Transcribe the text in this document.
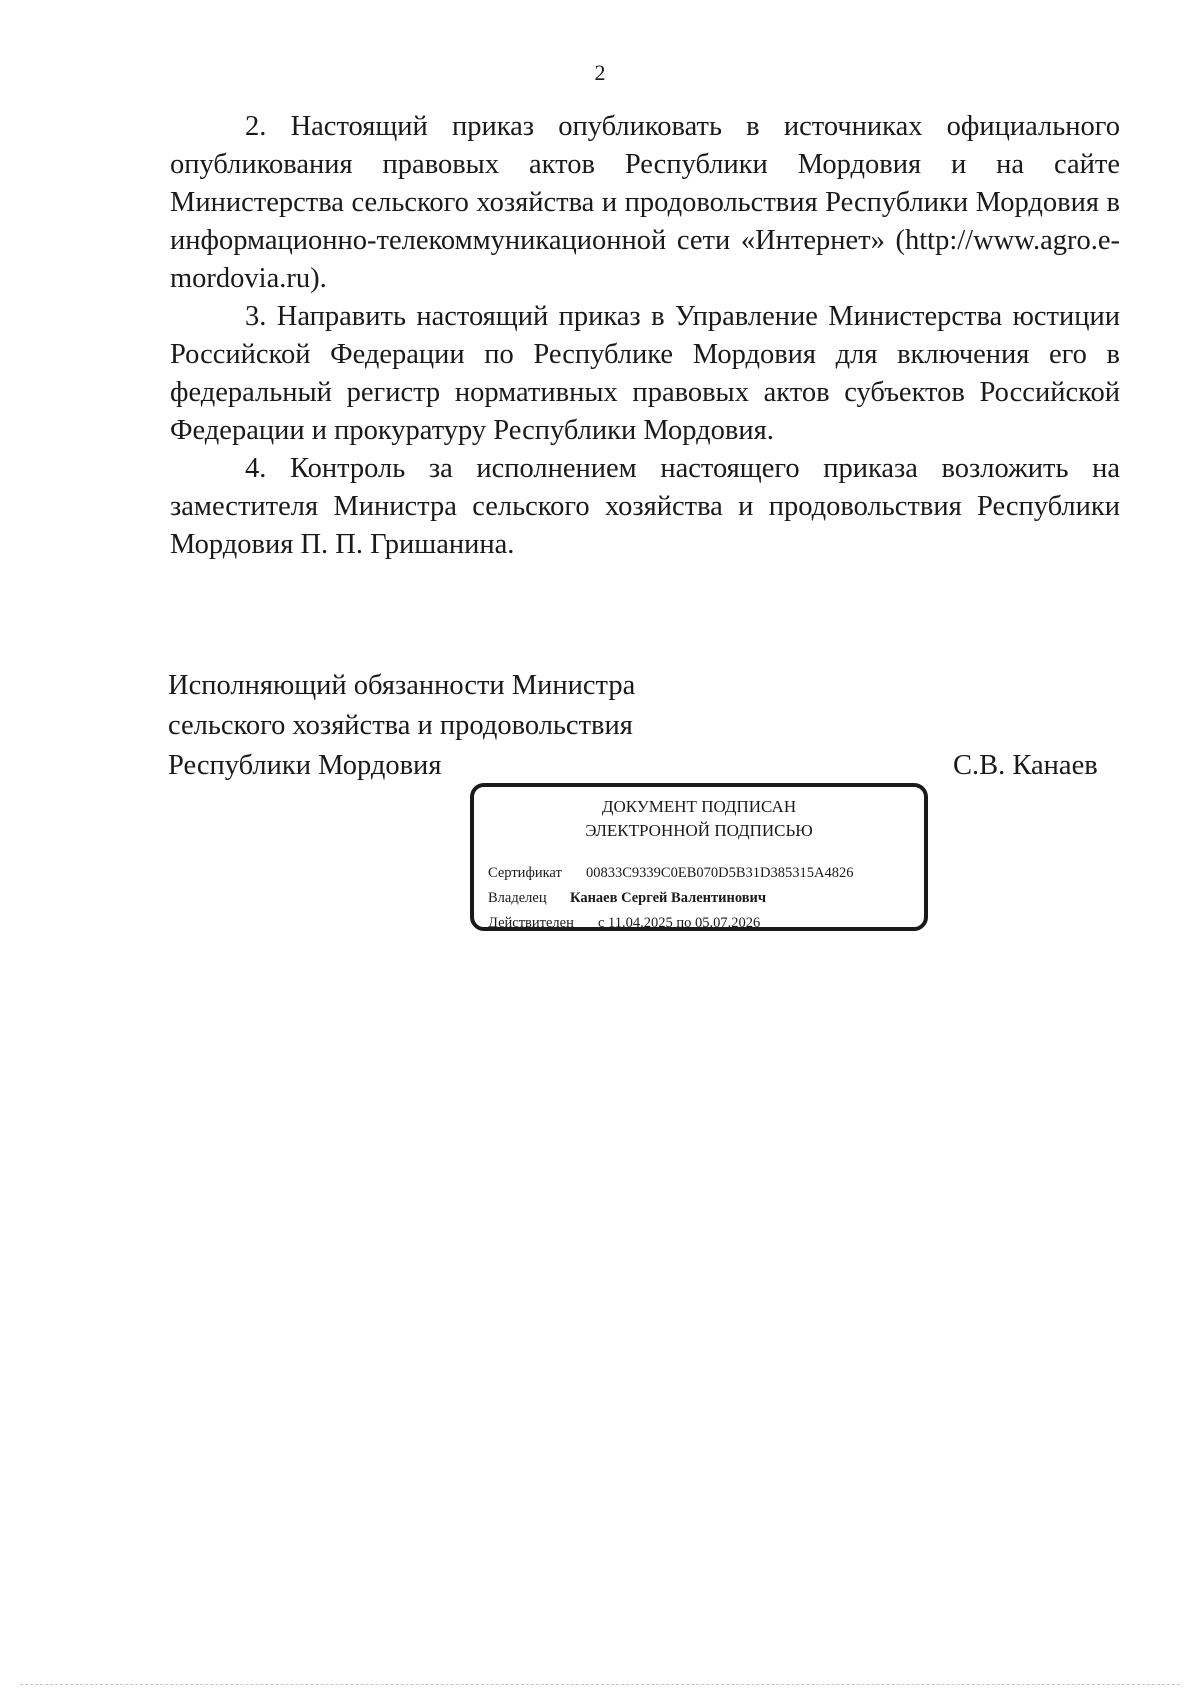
2

2. Настоящий приказ опубликовать в источниках официального опубликования правовых актов Республики Мордовия и на сайте Министерства сельского хозяйства и продовольствия Республики Мордовия в информационно-телекоммуникационной сети «Интернет» (http://www.agro.e-mordovia.ru).

3. Направить настоящий приказ в Управление Министерства юстиции Российской Федерации по Республике Мордовия для включения его в федеральный регистр нормативных правовых актов субъектов Российской Федерации и прокуратуру Республики Мордовия.

4. Контроль за исполнением настоящего приказа возложить на заместителя Министра сельского хозяйства и продовольствия Республики Мордовия П. П. Гришанина.

Исполняющий обязанности Министра
сельского хозяйства и продовольствия
Республики Мордовия	С.В. Канаев
ДОКУМЕНТ ПОДПИСАН
ЭЛЕКТРОННОЙ ПОДПИСЬЮ
Сертификат 00833C9339C0EB070D5B31D385315A4826
Владелец Канаев Сергей Валентинович
Действителен с 11.04.2025 по 05.07.2026
